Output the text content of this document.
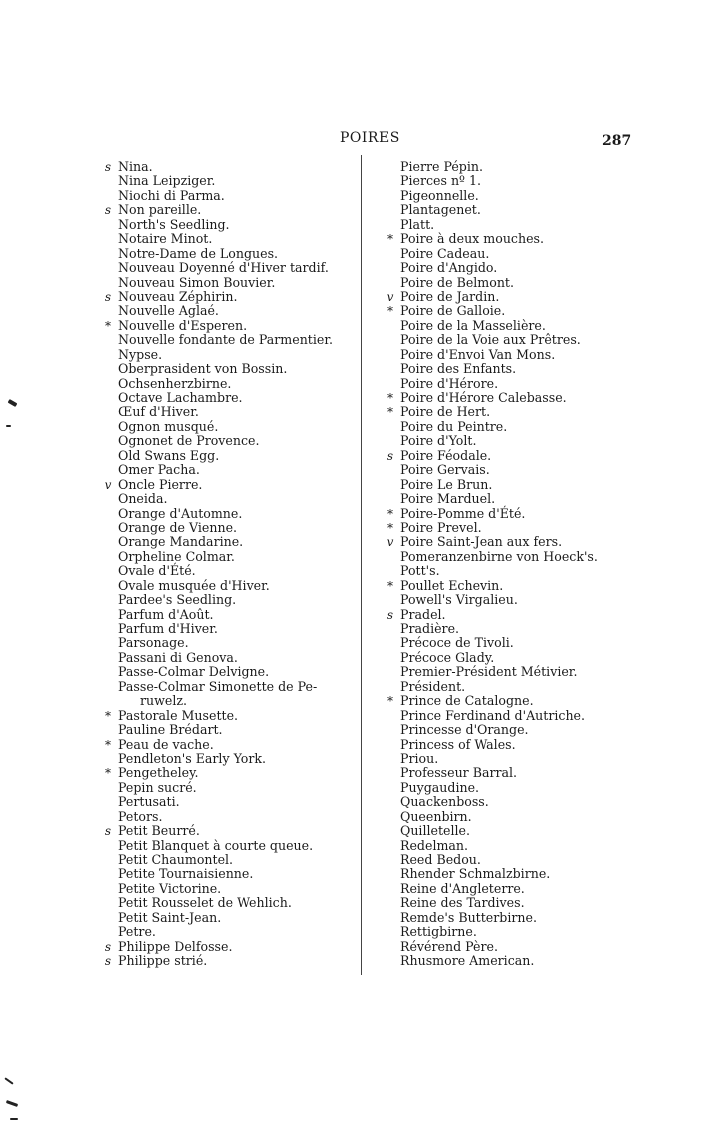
POIRES	287
s Nina.
Nina Leipziger.
Niochi di Parma.
s Non pareille.
North's Seedling.
Notaire Minot.
Notre-Dame de Longues.
Nouveau Doyenné d'Hiver tardif.
Nouveau Simon Bouvier.
s Nouveau Zéphirin.
Nouvelle Aglaé.
* Nouvelle d'Esperen.
Nouvelle fondante de Parmentier.
Nypse.
Oberprasident von Bossin.
Ochsenherzbirne.
Octave Lachambre.
Œuf d'Hiver.
Ognon musqué.
Ognonet de Provence.
Old Swans Egg.
Omer Pacha.
v Oncle Pierre.
Oneida.
Orange d'Automne.
Orange de Vienne.
Orange Mandarine.
Orpheline Colmar.
Ovale d'Été.
Ovale musquée d'Hiver.
Pardee's Seedling.
Parfum d'Août.
Parfum d'Hiver.
Parsonage.
Passani di Genova.
Passe-Colmar Delvigne.
Passe-Colmar Simonette de Pe-
ruwelz.
* Pastorale Musette.
Pauline Brédart.
* Peau de vache.
Pendleton's Early York.
* Pengetheley.
Pepin sucré.
Pertusati.
Petors.
s Petit Beurré.
Petit Blanquet à courte queue.
Petit Chaumontel.
Petite Tournaisienne.
Petite Victorine.
Petit Rousselet de Wehlich.
Petit Saint-Jean.
Petre.
s Philippe Delfosse.
s Philippe strié.
Pierre Pépin.
Pierces nº 1.
Pigeonnelle.
Plantagenet.
Platt.
* Poire à deux mouches.
Poire Cadeau.
Poire d'Angido.
Poire de Belmont.
v Poire de Jardin.
* Poire de Galloie.
Poire de la Masselière.
Poire de la Voie aux Prêtres.
Poire d'Envoi Van Mons.
Poire des Enfants.
Poire d'Hérore.
* Poire d'Hérore Calebasse.
* Poire de Hert.
Poire du Peintre.
Poire d'Yolt.
s Poire Féodale.
Poire Gervais.
Poire Le Brun.
Poire Marduel.
* Poire-Pomme d'Été.
* Poire Prevel.
v Poire Saint-Jean aux fers.
Pomeranzenbirne von Hoeck's.
Pott's.
* Poullet Echevin.
Powell's Virgalieu.
s Pradel.
Pradière.
Précoce de Tivoli.
Précoce Glady.
Premier-Président Métivier.
Président.
* Prince de Catalogne.
Prince Ferdinand d'Autriche.
Princesse d'Orange.
Princess of Wales.
Priou.
Professeur Barral.
Puygaudine.
Quackenboss.
Queenbirn.
Quilletelle.
Redelman.
Reed Bedou.
Rhender Schmalzbirne.
Reine d'Angleterre.
Reine des Tardives.
Remde's Butterbirne.
Rettigbirne.
Révérend Père.
Rhusmore American.
